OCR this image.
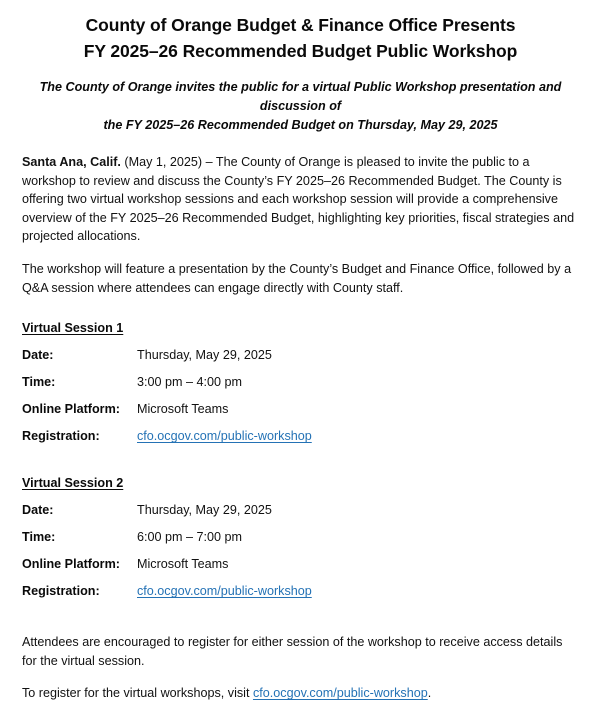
County of Orange Budget & Finance Office Presents
FY 2025–26 Recommended Budget Public Workshop
The County of Orange invites the public for a virtual Public Workshop presentation and discussion of
the FY 2025–26 Recommended Budget on Thursday, May 29, 2025

Santa Ana, Calif. (May 1, 2025) – The County of Orange is pleased to invite the public to a workshop to review and discuss the County’s FY 2025–26 Recommended Budget. The County is offering two virtual workshop sessions and each workshop session will provide a comprehensive overview of the FY 2025–26 Recommended Budget, highlighting key priorities, fiscal strategies and projected allocations.

The workshop will feature a presentation by the County’s Budget and Finance Office, followed by a Q&A session where attendees can engage directly with County staff.

Virtual Session 1
Date:	Thursday, May 29, 2025
Time:	3:00 pm – 4:00 pm
Online Platform:	Microsoft Teams
Registration:	cfo.ocgov.com/public-workshop
Virtual Session 2
Date:	Thursday, May 29, 2025
Time:	6:00 pm – 7:00 pm
Online Platform:	Microsoft Teams
Registration:	cfo.ocgov.com/public-workshop

Attendees are encouraged to register for either session of the workshop to receive access details for the virtual session.

To register for the virtual workshops, visit cfo.ocgov.com/public-workshop.
